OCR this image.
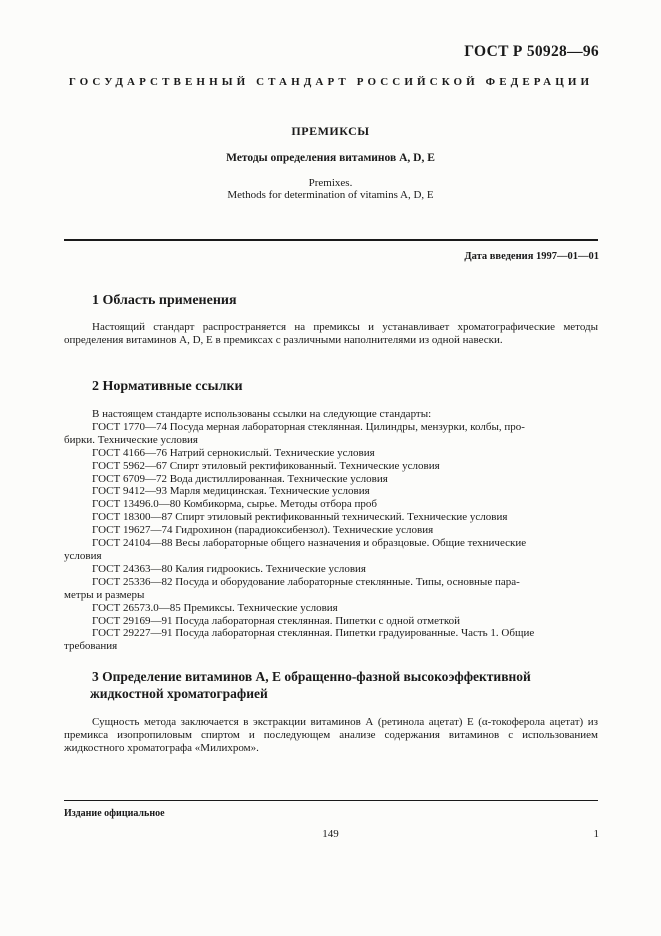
ГОСТ Р 50928—96
ГОСУДАРСТВЕННЫЙ СТАНДАРТ РОССИЙСКОЙ ФЕДЕРАЦИИ
ПРЕМИКСЫ
Методы определения витаминов А, D, Е
Premixes.
Methods for determination of vitamins A, D, E
Дата введения 1997—01—01
1 Область применения
Настоящий стандарт распространяется на премиксы и устанавливает хроматографические методы определения витаминов А, D, Е в премиксах с различными наполнителями из одной навески.
2 Нормативные ссылки
В настоящем стандарте использованы ссылки на следующие стандарты:
ГОСТ 1770—74 Посуда мерная лабораторная стеклянная. Цилиндры, мензурки, колбы, про-
бирки. Технические условия
ГОСТ 4166—76 Натрий сернокислый. Технические условия
ГОСТ 5962—67 Спирт этиловый ректификованный. Технические условия
ГОСТ 6709—72 Вода дистиллированная. Технические условия
ГОСТ 9412—93 Марля медицинская. Технические условия
ГОСТ 13496.0—80 Комбикорма, сырье. Методы отбора проб
ГОСТ 18300—87 Спирт этиловый ректификованный технический. Технические условия
ГОСТ 19627—74 Гидрохинон (парадиоксибензол). Технические условия
ГОСТ 24104—88 Весы лабораторные общего назначения и образцовые. Общие технические
условия
ГОСТ 24363—80 Калия гидроокись. Технические условия
ГОСТ 25336—82 Посуда и оборудование лабораторные стеклянные. Типы, основные пара-
метры и размеры
ГОСТ 26573.0—85 Премиксы. Технические условия
ГОСТ 29169—91 Посуда лабораторная стеклянная. Пипетки с одной отметкой
ГОСТ 29227—91 Посуда лабораторная стеклянная. Пипетки градуированные. Часть 1. Общие
требования
3 Определение витаминов А, Е обращенно-фазной высокоэффективной
жидкостной хроматографией
Сущность метода заключается в экстракции витаминов А (ретинола ацетат) Е (α-токоферола ацетат) из премикса изопропиловым спиртом и последующем анализе содержания витаминов с использованием жидкостного хроматографа «Милихром».
Издание официальное
149	1
